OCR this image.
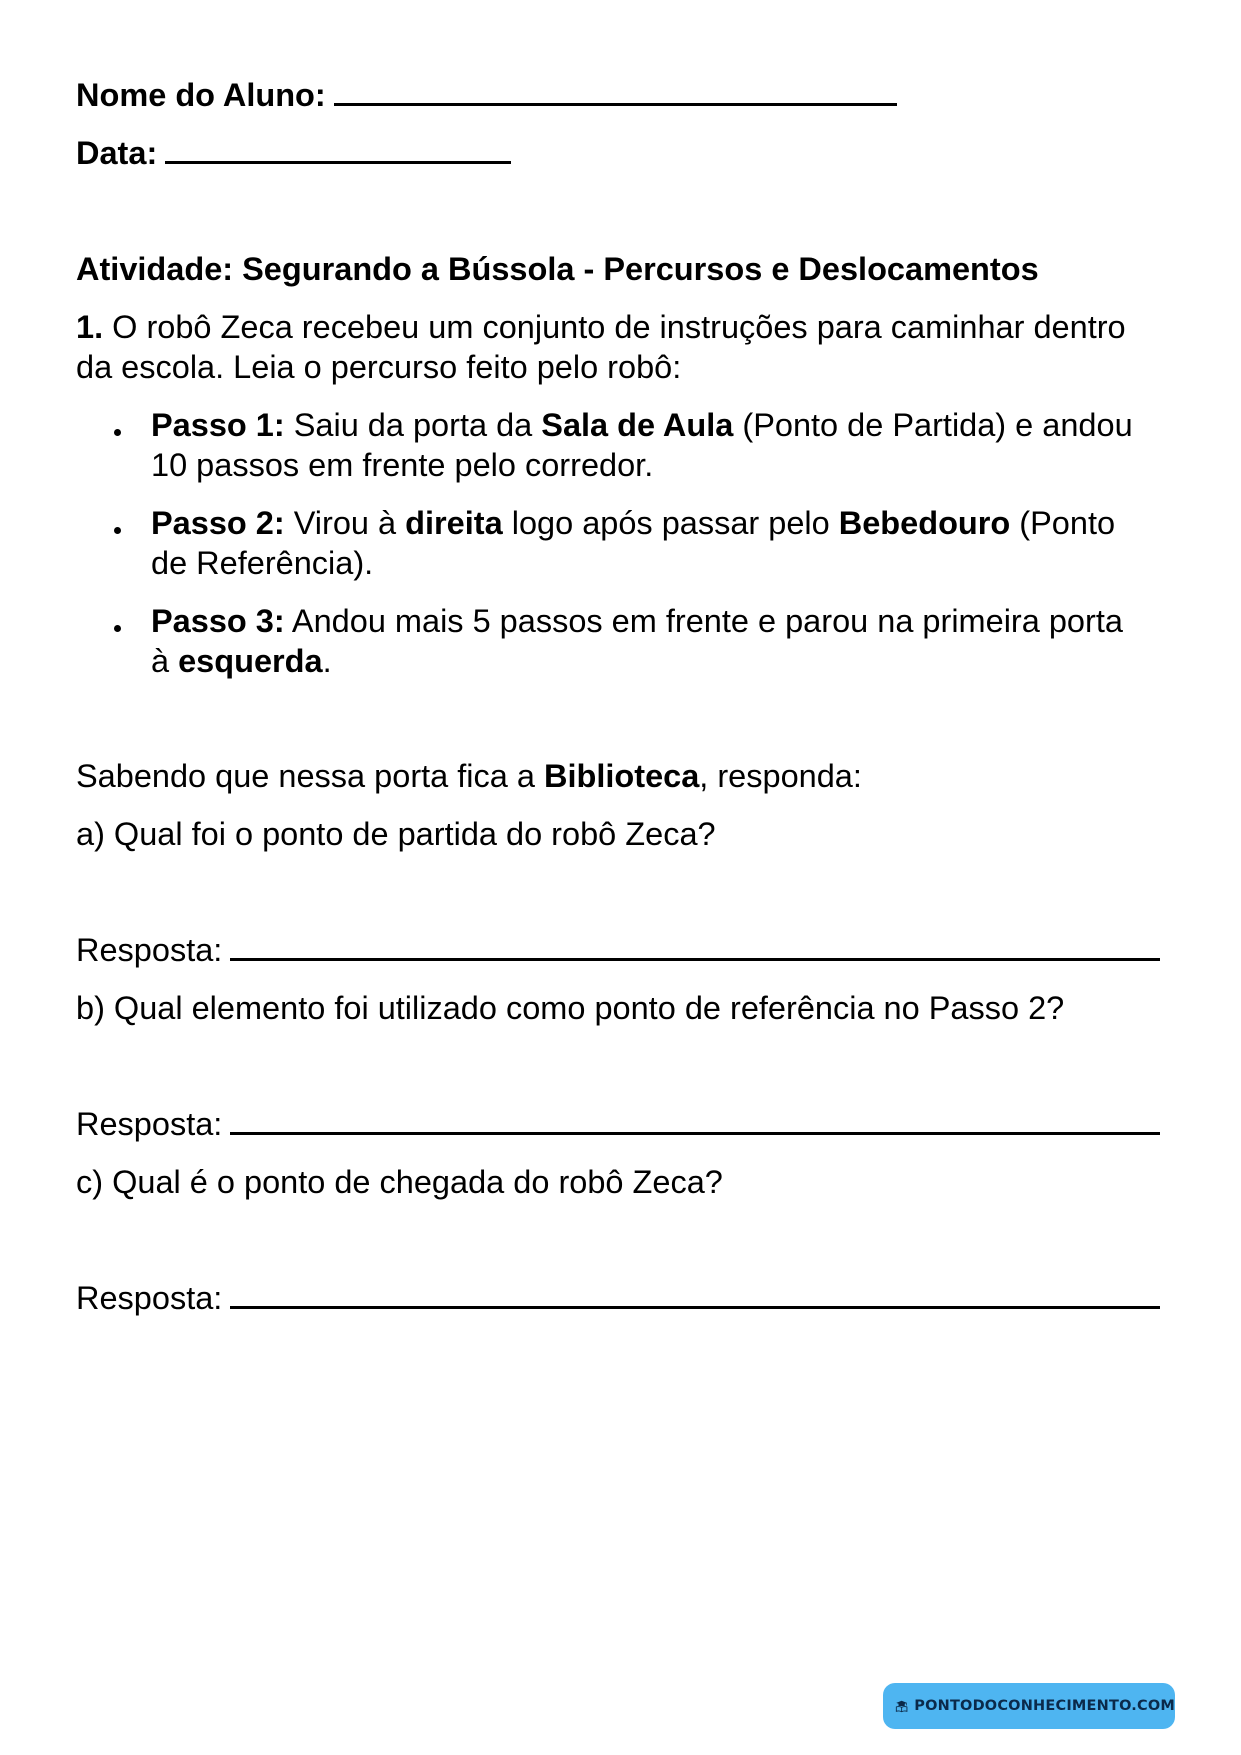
Nome do Aluno:
Data:
Atividade: Segurando a Bússola - Percursos e Deslocamentos
1. O robô Zeca recebeu um conjunto de instruções para caminhar dentro
da escola. Leia o percurso feito pelo robô:
Passo 1: Saiu da porta da Sala de Aula (Ponto de Partida) e andou
10 passos em frente pelo corredor.
Passo 2: Virou à direita logo após passar pelo Bebedouro (Ponto
de Referência).
Passo 3: Andou mais 5 passos em frente e parou na primeira porta
à esquerda.
Sabendo que nessa porta fica a Biblioteca, responda:
a) Qual foi o ponto de partida do robô Zeca?
Resposta:
b) Qual elemento foi utilizado como ponto de referência no Passo 2?
Resposta:
c) Qual é o ponto de chegada do robô Zeca?
Resposta:
PONTODOCONHECIMENTO.COM
